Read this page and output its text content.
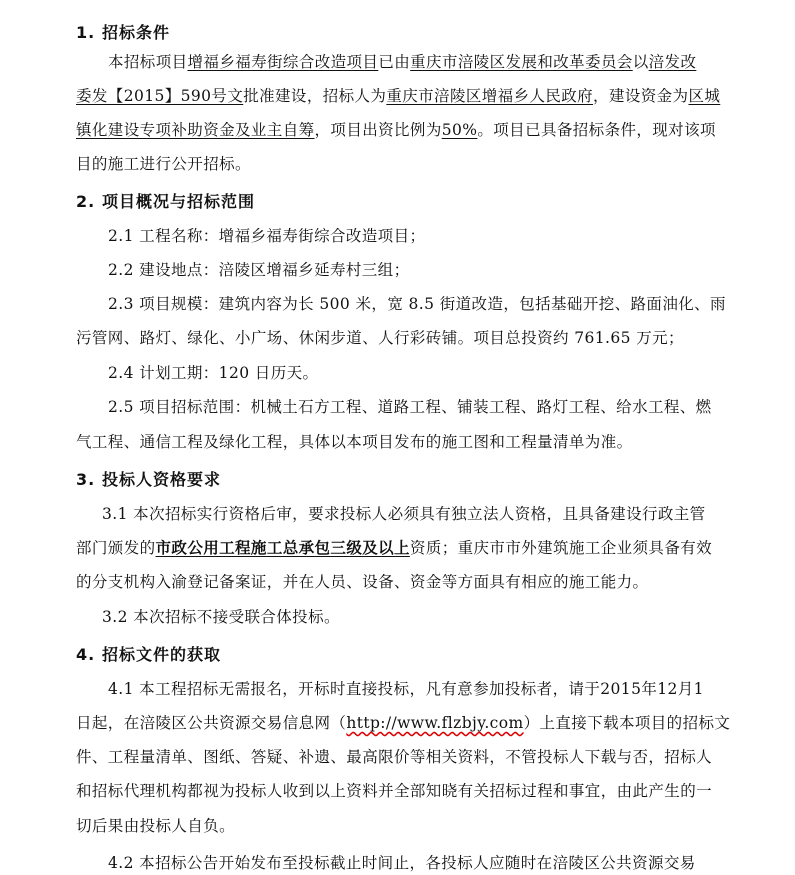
1. 招标条件
本招标项目增福乡福寿街综合改造项目已由重庆市涪陵区发展和改革委员会以涪发改
委发【2015】590号文批准建设，招标人为重庆市涪陵区增福乡人民政府，建设资金为区城
镇化建设专项补助资金及业主自筹，项目出资比例为50%。项目已具备招标条件，现对该项
目的施工进行公开招标。
2. 项目概况与招标范围
2.1 工程名称：增福乡福寿街综合改造项目；
2.2 建设地点：涪陵区增福乡延寿村三组；
2.3 项目规模：建筑内容为长 500 米，宽 8.5 街道改造，包括基础开挖、路面油化、雨
污管网、路灯、绿化、小广场、休闲步道、人行彩砖铺。项目总投资约 761.65 万元；
2.4 计划工期：120 日历天。
2.5 项目招标范围：机械土石方工程、道路工程、铺装工程、路灯工程、给水工程、燃
气工程、通信工程及绿化工程，具体以本项目发布的施工图和工程量清单为准。
3. 投标人资格要求
3.1 本次招标实行资格后审，要求投标人必须具有独立法人资格，且具备建设行政主管
部门颁发的市政公用工程施工总承包三级及以上资质；重庆市市外建筑施工企业须具备有效
的分支机构入渝登记备案证，并在人员、设备、资金等方面具有相应的施工能力。
3.2 本次招标不接受联合体投标。
4. 招标文件的获取
4.1 本工程招标无需报名，开标时直接投标，凡有意参加投标者，请于2015年12月1
日起，在涪陵区公共资源交易信息网（http://www.flzbjy.com）上直接下载本项目的招标文
件、工程量清单、图纸、答疑、补遗、最高限价等相关资料，不管投标人下载与否，招标人
和招标代理机构都视为投标人收到以上资料并全部知晓有关招标过程和事宜，由此产生的一
切后果由投标人自负。
4.2 本招标公告开始发布至投标截止时间止，各投标人应随时在涪陵区公共资源交易
